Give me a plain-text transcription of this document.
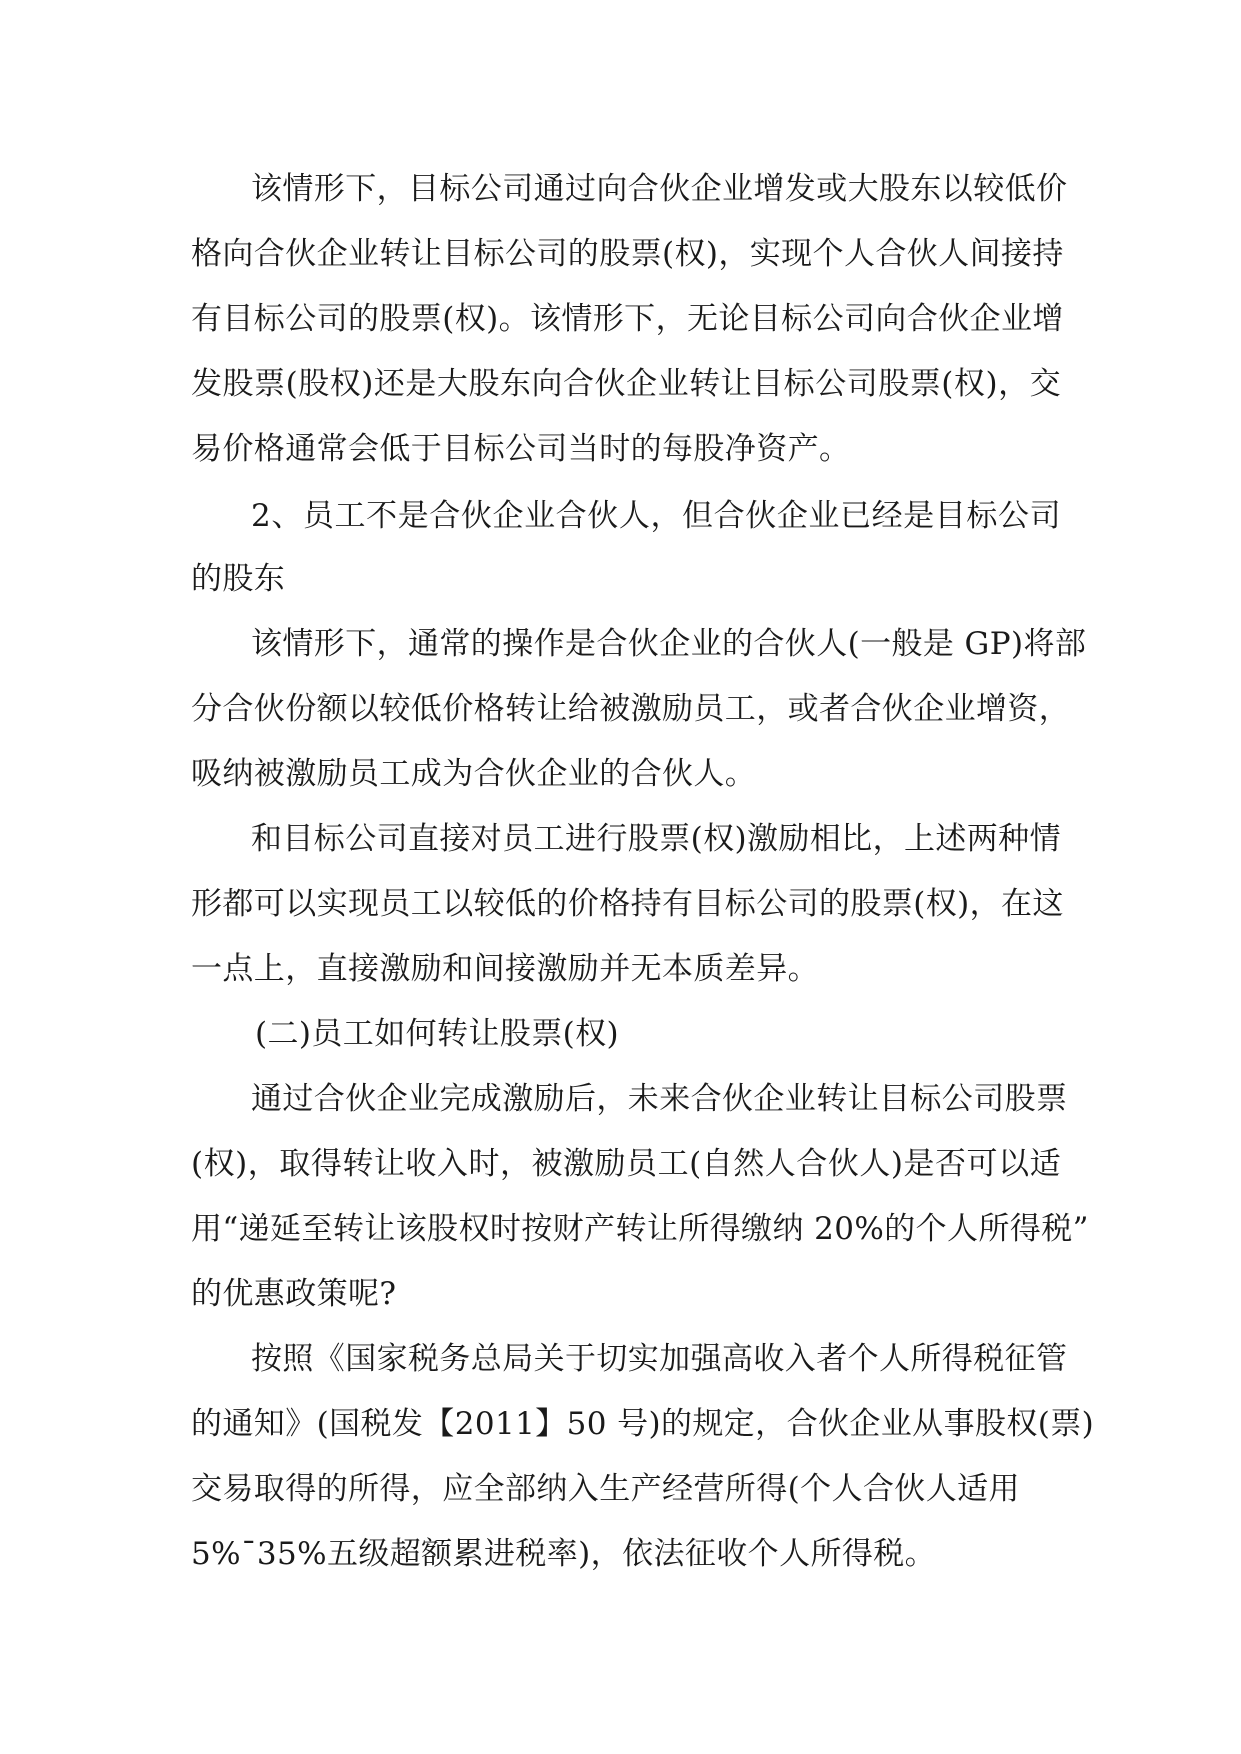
该情形下，目标公司通过向合伙企业增发或大股东以较低价
格向合伙企业转让目标公司的股票(权)，实现个人合伙人间接持
有目标公司的股票(权)。该情形下，无论目标公司向合伙企业增
发股票(股权)还是大股东向合伙企业转让目标公司股票(权)，交
易价格通常会低于目标公司当时的每股净资产。
2、员工不是合伙企业合伙人，但合伙企业已经是目标公司
的股东
该情形下，通常的操作是合伙企业的合伙人(一般是 GP)将部
分合伙份额以较低价格转让给被激励员工，或者合伙企业增资，
吸纳被激励员工成为合伙企业的合伙人。
和目标公司直接对员工进行股票(权)激励相比，上述两种情
形都可以实现员工以较低的价格持有目标公司的股票(权)，在这
一点上，直接激励和间接激励并无本质差异。
(二)员工如何转让股票(权)
通过合伙企业完成激励后，未来合伙企业转让目标公司股票
(权)，取得转让收入时，被激励员工(自然人合伙人)是否可以适
用“递延至转让该股权时按财产转让所得缴纳 20%的个人所得税”
的优惠政策呢?
按照《国家税务总局关于切实加强高收入者个人所得税征管
的通知》(国税发【2011】50 号)的规定，合伙企业从事股权(票)
交易取得的所得，应全部纳入生产经营所得(个人合伙人适用
5%¯35%五级超额累进税率)，依法征收个人所得税。
